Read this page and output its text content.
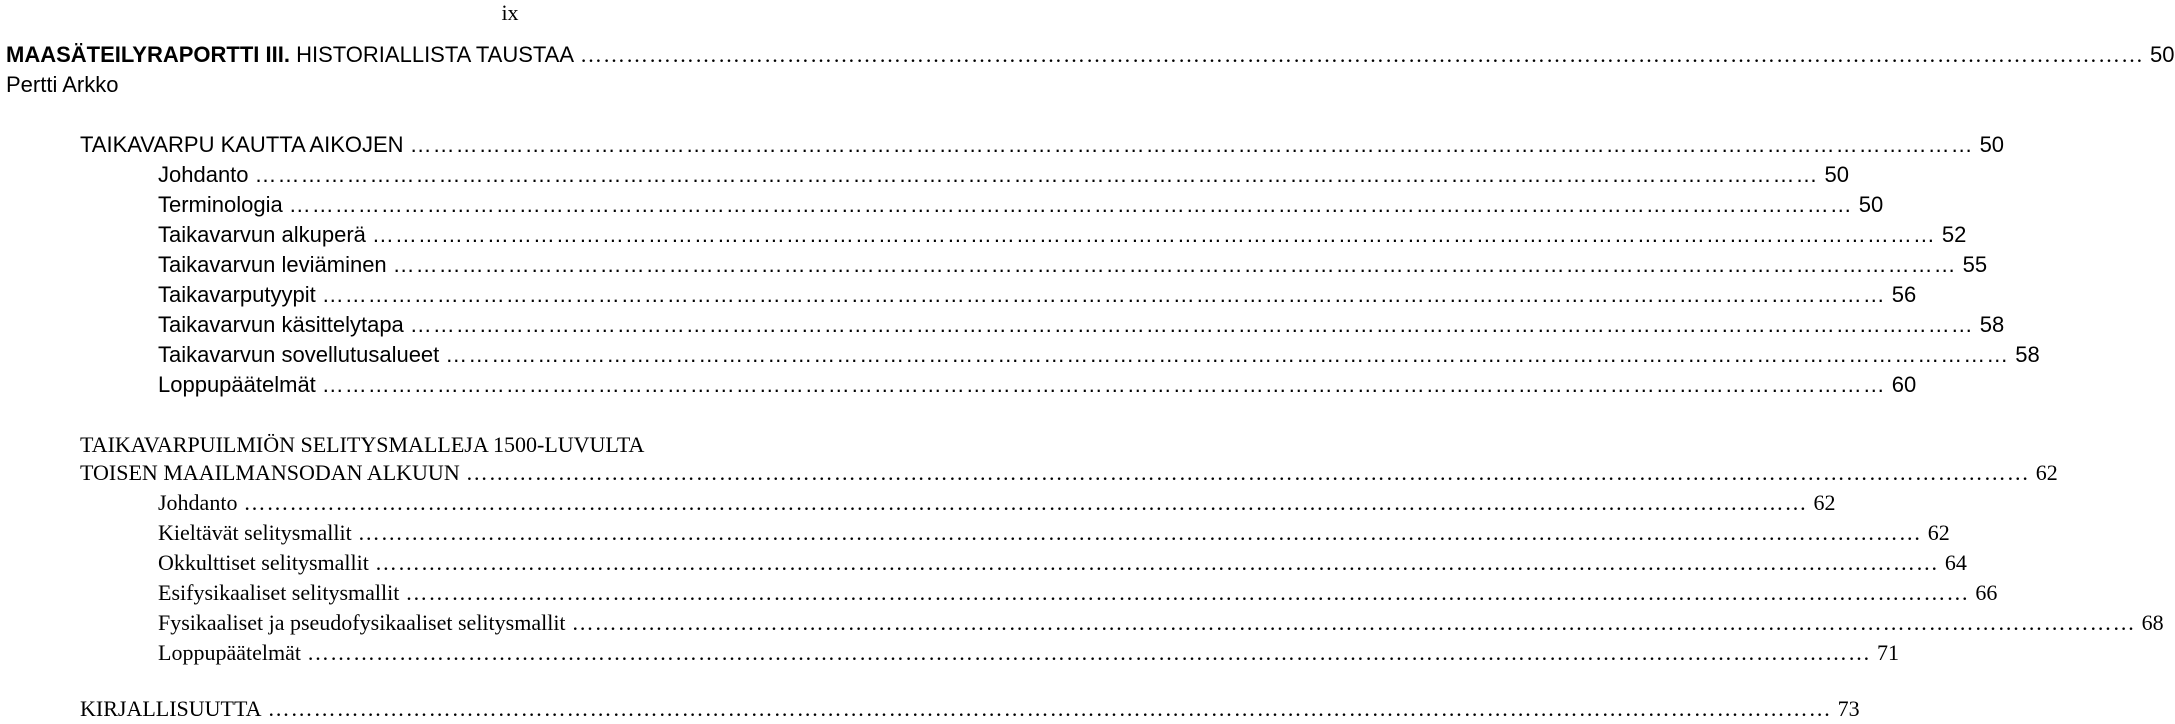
ix
MAASÄTEILYRAPORTTI III. HISTORIALLISTA TAUSTAA ……………………………………………………………………………………………………………………………………………………………………………………	50
Pertti Arkko
TAIKAVARPU KAUTTA AIKOJEN ……………………………………………………………………………………………………………………………………………………………………………………	50
Johdanto ……………………………………………………………………………………………………………………………………………………………………………………	50
Terminologia ……………………………………………………………………………………………………………………………………………………………………………………	50
Taikavarvun alkuperä ……………………………………………………………………………………………………………………………………………………………………………………	52
Taikavarvun leviäminen ……………………………………………………………………………………………………………………………………………………………………………………	55
Taikavarputyypit ……………………………………………………………………………………………………………………………………………………………………………………	56
Taikavarvun käsittelytapa ……………………………………………………………………………………………………………………………………………………………………………………	58
Taikavarvun sovellutusalueet ……………………………………………………………………………………………………………………………………………………………………………………	58
Loppupäätelmät ……………………………………………………………………………………………………………………………………………………………………………………	60
TAIKAVARPUILMIÖN SELITYSMALLEJA 1500-LUVULTA
TOISEN MAAILMANSODAN ALKUUN ……………………………………………………………………………………………………………………………………………………………………………………	62
Johdanto ……………………………………………………………………………………………………………………………………………………………………………………	62
Kieltävät selitysmallit ……………………………………………………………………………………………………………………………………………………………………………………	62
Okkulttiset selitysmallit ……………………………………………………………………………………………………………………………………………………………………………………	64
Esifysikaaliset selitysmallit ……………………………………………………………………………………………………………………………………………………………………………………	66
Fysikaaliset ja pseudofysikaaliset selitysmallit ……………………………………………………………………………………………………………………………………………………………………………………	68
Loppupäätelmät ……………………………………………………………………………………………………………………………………………………………………………………	71
KIRJALLISUUTTA ……………………………………………………………………………………………………………………………………………………………………………………	73
